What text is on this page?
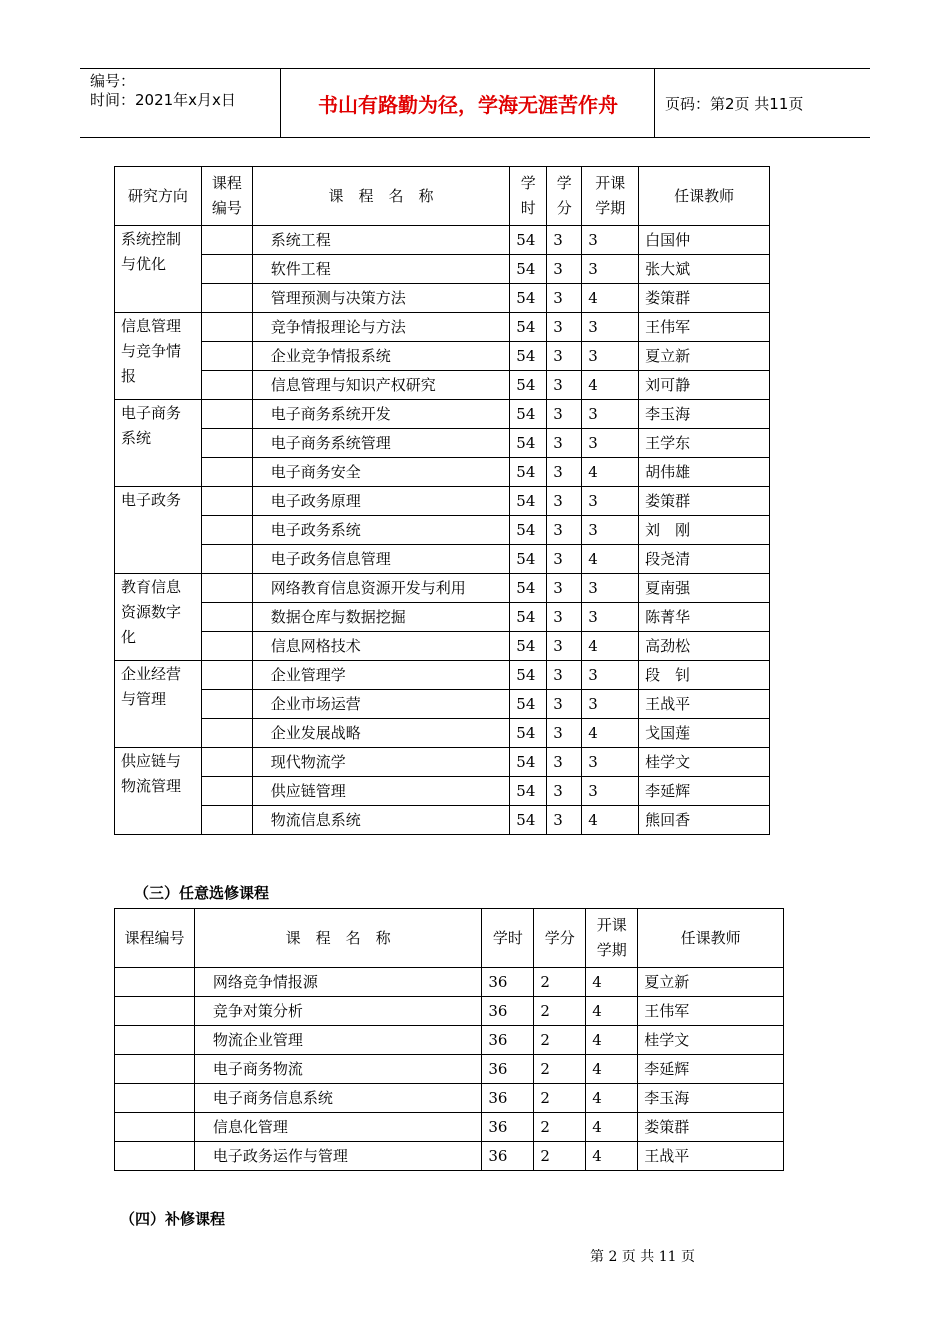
编号：
时间：2021年x月x日	书山有路勤为径，学海无涯苦作舟	页码：第2页 共11页
研究方向	课程编号	课　程　名　称	学时	学分	开课学期	任课教师
系统控制与优化		系统工程	54	3	3	白国仲
		软件工程	54	3	3	张大斌
		管理预测与决策方法	54	3	4	娄策群
信息管理与竞争情报		竞争情报理论与方法	54	3	3	王伟军
		企业竞争情报系统	54	3	3	夏立新
		信息管理与知识产权研究	54	3	4	刘可静
电子商务系统		电子商务系统开发	54	3	3	李玉海
		电子商务系统管理	54	3	3	王学东
		电子商务安全	54	3	4	胡伟雄
电子政务		电子政务原理	54	3	3	娄策群
		电子政务系统	54	3	3	刘　刚
		电子政务信息管理	54	3	4	段尧清
教育信息资源数字化		网络教育信息资源开发与利用	54	3	3	夏南强
		数据仓库与数据挖掘	54	3	3	陈菁华
		信息网格技术	54	3	4	高劲松
企业经营与管理		企业管理学	54	3	3	段　钊
		企业市场运营	54	3	3	王战平
		企业发展战略	54	3	4	戈国莲
供应链与物流管理		现代物流学	54	3	3	桂学文
		供应链管理	54	3	3	李延辉
		物流信息系统	54	3	4	熊回香
（三）任意选修课程
课程编号	课　程　名　称	学时	学分	开课学期	任课教师
	网络竞争情报源	36	2	4	夏立新
	竞争对策分析	36	2	4	王伟军
	物流企业管理	36	2	4	桂学文
	电子商务物流	36	2	4	李延辉
	电子商务信息系统	36	2	4	李玉海
	信息化管理	36	2	4	娄策群
	电子政务运作与管理	36	2	4	王战平
（四）补修课程
第 2 页 共 11 页
